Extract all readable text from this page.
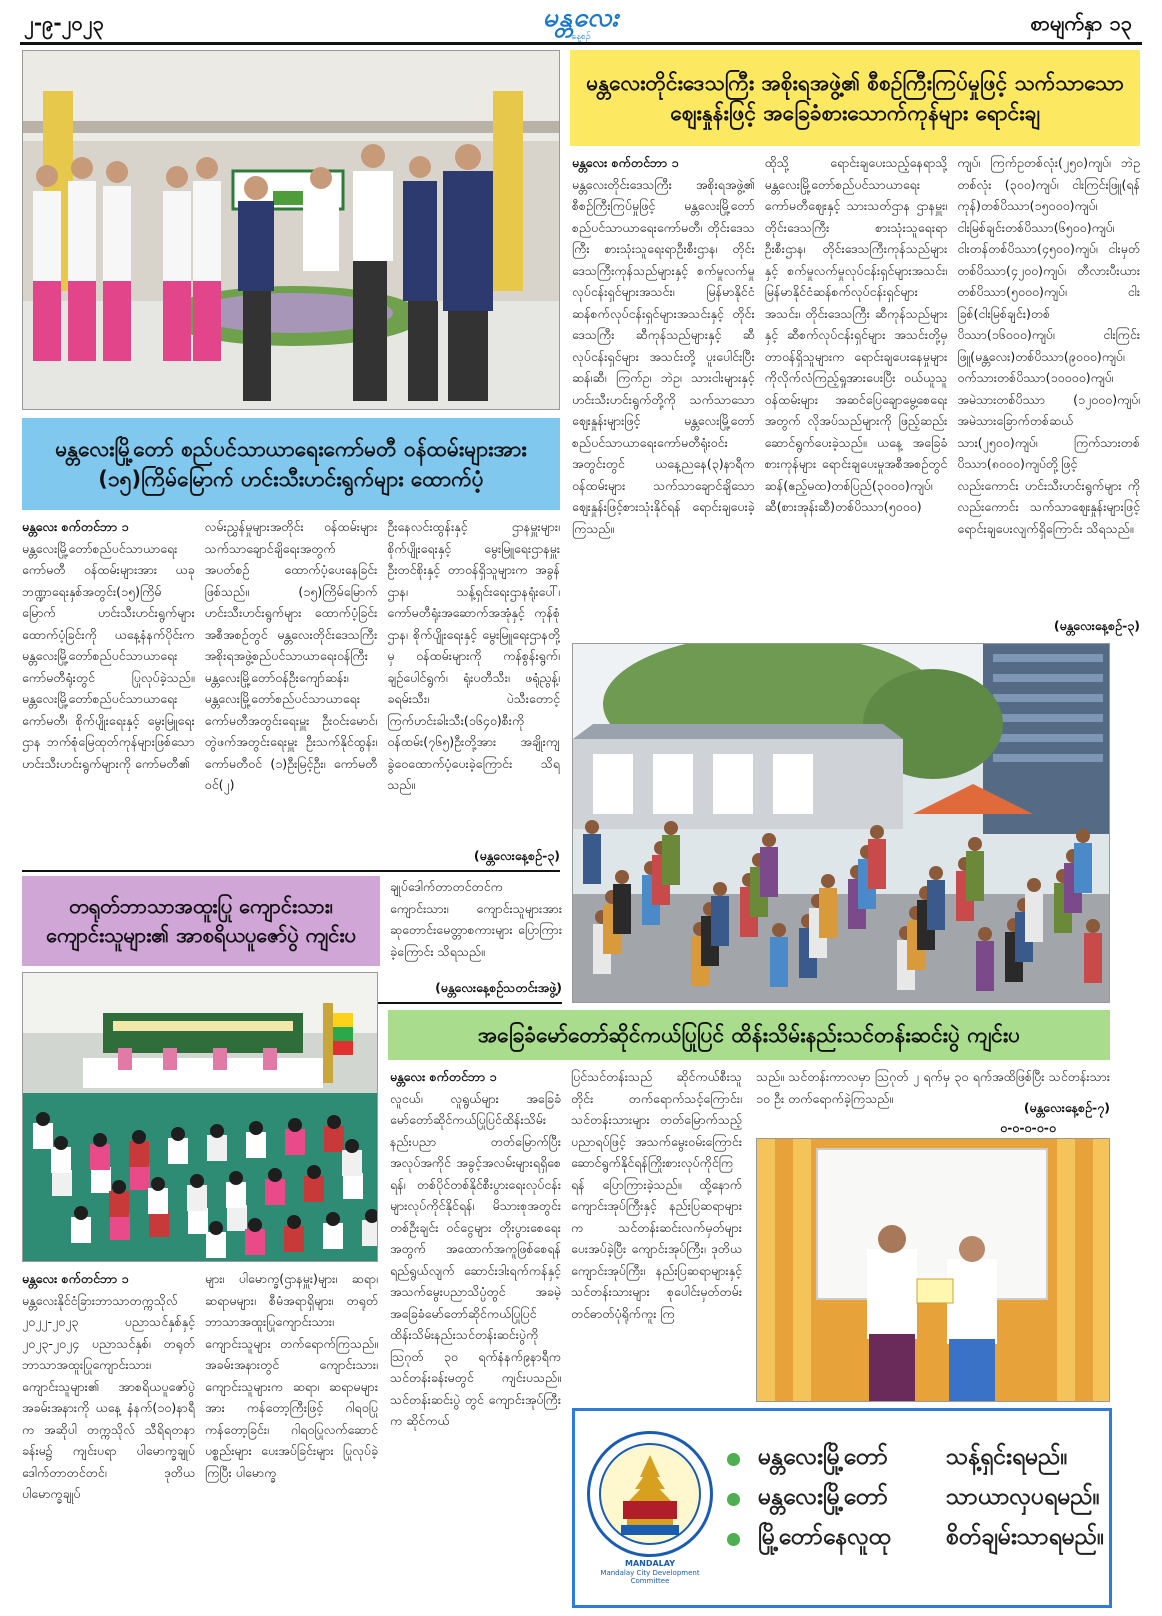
၂-၉-၂၀၂၃	မန္တလေး
နေ့စဉ်
စာမျက်နှာ ၁၃
မန္တလေးတိုင်းဒေသကြီး အစိုးရအဖွဲ့၏ စီစဉ်ကြီးကြပ်မှုဖြင့် သက်သာသော ဈေးနှုန်းဖြင့် အခြေခံစားသောက်ကုန်များ ရောင်းချ
မန္တလေး စက်တင်ဘာ ၁
မန္တလေးတိုင်းဒေသကြီး အစိုးရအဖွဲ့၏ စီစဉ်ကြီးကြပ်မှုဖြင့် မန္တလေးမြို့တော်စည်ပင်သာယာရေးကော်မတီ၊ တိုင်းဒေသကြီး စားသုံးသူရေးရာဦးစီးဌာန၊ တိုင်းဒေသကြီးကုန်သည်များနှင့် စက်မှုလက်မှုလုပ်ငန်းရှင်များအသင်း၊ မြန်မာနိုင်ငံဆန်စက်လုပ်ငန်းရှင်များအသင်းနှင့် တိုင်းဒေသကြီး ဆီကုန်သည်များနှင့် ဆီလုပ်ငန်းရှင်များ အသင်းတို့ ပူးပေါင်းပြီး ဆန်၊ဆီ၊ ကြက်ဥ၊ ဘဲဥ၊ သားငါးများနှင့် ဟင်းသီးဟင်းရွက်တို့ကို သက်သာသော ဈေးနှုန်းများဖြင့် မန္တလေးမြို့တော်စည်ပင်သာယာရေးကော်မတီရုံးဝင်းအတွင်းတွင် ယနေ့ညနေ(၃)နာရီက ဝန်ထမ်းများ သက်သာချောင်ချိသောဈေးနှုန်းဖြင့်စားသုံးနိုင်ရန် ရောင်းချပေးခဲ့ကြသည်။
ထိုသို့ ရောင်းချပေးသည့်နေရာသို့ မန္တလေးမြို့တော်စည်ပင်သာယာရေးကော်မတီဈေးနှင့် သားသတ်ဌာန ဌာနမှူး၊ တိုင်းဒေသကြီး စားသုံးသူရေးရာ ဦးစီးဌာန၊ တိုင်းဒေသကြီးကုန်သည်များနှင့် စက်မှုလက်မှုလုပ်ငန်းရှင်များအသင်း၊ မြန်မာနိုင်ငံဆန်စက်လုပ်ငန်းရှင်များအသင်း၊ တိုင်းဒေသကြီး ဆီကုန်သည်များနှင့် ဆီစက်လုပ်ငန်းရှင်များ အသင်းတို့မှ တာဝန်ရှိသူများက ရောင်းချပေးနေမှုများကိုလိုက်လံကြည့်ရှုအားပေးပြီး ဝယ်ယူသူ ဝန်ထမ်းများ အဆင်ပြေချောမွေ့စေရေးအတွက် လိုအပ်သည်များကို ဖြည့်ဆည်းဆောင်ရွက်ပေးခဲ့သည်။ ယနေ့ အခြေခံစားကုန်များ ရောင်းချပေးမှုအစီအစဉ်တွင် ဆန်(ဧည့်မထ)တစ်ပြည်(၃၀၀၀)ကျပ်၊ ဆီ(စားအုန်းဆီ)တစ်ပိဿာ(၅၀၀၀)
ကျပ်၊ ကြက်ဥတစ်လုံး(၂၅၀)ကျပ်၊ ဘဲဥ တစ်လုံး (၃၀၀)ကျပ်၊ ငါးကြင်းဖြူ(ရန်ကုန်)တစ်ပိဿာ(၁၅၀၀၀)ကျပ်၊ ငါးမြစ်ချင်းတစ်ပိဿာ(၆၅၀၀)ကျပ်၊ ငါးတန်တစ်ပိဿာ(၄၅၀၀)ကျပ်၊ ငါးမှတ်တစ်ပိဿာ(၄၂၀၀)ကျပ်၊ တီလားပီးယားတစ်ပိဿာ(၅၀၀၀)ကျပ်၊ ငါးခြစ်(ငါးမြစ်ချင်း)တစ်ပိဿာ(၁၆၀၀၀)ကျပ်၊ ငါးကြင်းဖြူ(မန္တလေး)တစ်ပိဿာ(၉၀၀၀)ကျပ်၊ ဝက်သားတစ်ပိဿာ(၁၀၀၀၀)ကျပ်၊ အမဲသားတစ်ပိဿာ (၁၂၀၀၀)ကျပ်၊ အမဲသားခြောက်တစ်ဆယ်သား(၂၅၀၀)ကျပ်၊ ကြက်သားတစ်ပိဿာ(၈၀၀၀)ကျပ်တို့ဖြင့် လည်းကောင်း ဟင်းသီးဟင်းရွက်များ ကိုလည်းကောင်း သက်သာဈေးနှုန်းများဖြင့် ရောင်းချပေးလျက်ရှိကြောင်း သိရသည်။
(မန္တလေးနေ့စဉ်-၃)
မန္တလေးမြို့တော် စည်ပင်သာယာရေးကော်မတီ ဝန်ထမ်းများအား (၁၅)ကြိမ်မြောက် ဟင်းသီးဟင်းရွက်များ ထောက်ပံ့
မန္တလေး စက်တင်ဘာ ၁
မန္တလေးမြို့တော်စည်ပင်သာယာရေးကော်မတီ ဝန်ထမ်းများအား ယခုဘဏ္ဍာရေးနှစ်အတွင်း(၁၅)ကြိမ်မြောက် ဟင်းသီးဟင်းရွက်များ ထောက်ပံ့ခြင်းကို ယနေ့နံနက်ပိုင်းက မန္တလေးမြို့တော်စည်ပင်သာယာရေးကော်မတီရုံးတွင် ပြုလုပ်ခဲ့သည်။ မန္တလေးမြို့တော်စည်ပင်သာယာရေးကော်မတီ၊ စိုက်ပျိုးရေးနှင့် မွေးမြူရေးဌာန ဘက်စုံမြေထုတ်ကုန်များဖြစ်သော ဟင်းသီးဟင်းရွက်များကို ကော်မတီ၏
လမ်းညွှန်မှုများအတိုင်း ဝန်ထမ်းများ သက်သာချောင်ချိရေးအတွက် အပတ်စဉ် ထောက်ပံ့ပေးနေခြင်းဖြစ်သည်။ (၁၅)ကြိမ်မြောက် ဟင်းသီးဟင်းရွက်များ ထောက်ပံ့ခြင်းအစီအစဉ်တွင် မန္တလေးတိုင်းဒေသကြီး အစိုးရအဖွဲ့စည်ပင်သာယာရေးဝန်ကြီး မန္တလေးမြို့တော်ဝန်ဦးကျော်ဆန်း၊ မန္တလေးမြို့တော်စည်ပင်သာယာရေးကော်မတီအတွင်းရေးမှူး ဦးဝင်းမောင်၊ တွဲဖက်အတွင်းရေးမှူး ဦးသက်နိုင်ထွန်း၊ ကော်မတီဝင် (၁)ဦးမြင့်ဦး၊ ကော်မတီဝင်(၂)
ဦးနေလင်းထွန်းနှင့် ဌာနမှူးများ၊ စိုက်ပျိုးရေးနှင့် မွေးမြူရေးဌာနမှူး ဦးတင်စိုးနှင့် တာဝန်ရှိသူများက အခွန်ဌာန၊ သန့်ရှင်းရေးဌာနရုံးပေါ်၊ ကော်မတီရုံးအဆောက်အအုံနှင့် ကုန်စုံဌာန၊ စိုက်ပျိုးရေးနှင့် မွေးမြူရေးဌာနတို့မှ ဝန်ထမ်းများကို ကန်စွန်းရွက်၊ ချဉ်ပေါင်ရွက်၊ ရုံးပတီသီး၊ ဖရုံညွန့်၊ ခရမ်းသီး၊ ပဲသီးတောင့်ကြက်ဟင်းခါးသီး(၁၆၄၀)စီးကို ဝန်ထမ်း(၇၆၅)ဦးတို့အား အချိုးကျခွဲဝေထောက်ပံ့ပေးခဲ့ကြောင်း သိရသည်။
(မန္တလေးနေ့စဉ်-၃)
တရုတ်ဘာသာအထူးပြု ကျောင်းသား၊ ကျောင်းသူများ၏ အာစရိယပူဇော်ပွဲ ကျင်းပ
ချုပ်ဒေါက်တာတင်တင်က ကျောင်းသား၊ ကျောင်းသူများအား ဆုတောင်းမေတ္တာစကားများ ပြောကြားခဲ့ကြောင်း သိရသည်။
(မန္တလေးနေ့စဉ်သတင်းအဖွဲ့)
မန္တလေး စက်တင်ဘာ ၁
မန္တလေးနိုင်ငံခြားဘာသာတက္ကသိုလ် ၂၀၂၂-၂၀၂၃ ပညာသင်နှစ်နှင့် ၂၀၂၃-၂၀၂၄ ပညာသင်နှစ်၊ တရုတ်ဘာသာအထူးပြုကျောင်းသား၊ ကျောင်းသူများ၏ အာစရိယပူဇော်ပွဲ အခမ်းအနားကို ယနေ့ နံနက်(၁၀)နာရီက အဆိုပါ တက္ကသိုလ် သီရိရတနာခန်းမ၌ ကျင်းပရာ ပါမောက္ခချုပ် ဒေါက်တာတင်တင်၊ ဒုတိယပါမောက္ခချုပ်
များ၊ ပါမောက္ခ(ဌာနမှူး)များ၊ ဆရာ၊ ဆရာမများ၊ စီမံအရာရှိများ၊ တရုတ်ဘာသာအထူးပြုကျောင်းသား၊ ကျောင်းသူများ တက်ရောက်ကြသည်။ အခမ်းအနားတွင် ကျောင်းသား၊ ကျောင်းသူများက ဆရာ၊ ဆရာမများအား ကန်တော့ကြီးဖြင့် ဂါရဝပြုကန်တော့ခြင်း၊ ဂါရဝပြုလက်ဆောင်ပစ္စည်းများ ပေးအပ်ခြင်းများ ပြုလုပ်ခဲ့ကြပြီး ပါမောက္ခ
အခြေခံမော်တော်ဆိုင်ကယ်ပြုပြင် ထိန်းသိမ်းနည်းသင်တန်းဆင်းပွဲ ကျင်းပ
မန္တလေး စက်တင်ဘာ ၁
လူငယ်၊ လူရွယ်များ အခြေခံမော်တော်ဆိုင်ကယ်ပြုပြင်ထိန်းသိမ်းနည်းပညာ တတ်မြောက်ပြီး အလုပ်အကိုင် အခွင့်အလမ်းများရရှိစေရန်၊ တစ်ပိုင်တစ်နိုင်စီးပွားရေးလုပ်ငန်းများလုပ်ကိုင်နိုင်ရန်၊ မိသားစုအတွင်း တစ်ဦးချင်း ဝင်ငွေများ တိုးပွားစေရေးအတွက် အထောက်အကူဖြစ်စေရန် ရည်ရွယ်လျက် ဆောင်းဒါးရက်ကန်နှင့် အသက်မွေးပညာသိပ္ပံတွင် အခမဲ့ အခြေခံမော်တော်ဆိုင်ကယ်ပြုပြင်ထိန်းသိမ်းနည်းသင်တန်းဆင်းပွဲကိုဩဂုတ် ၃၀ ရက်နံနက်၉နာရီက သင်တန်းခန်းမတွင် ကျင်းပသည်။ သင်တန်းဆင်းပွဲ တွင် ကျောင်းအုပ်ကြီးက ဆိုင်ကယ်
ပြင်သင်တန်းသည် ဆိုင်ကယ်စီးသူတိုင်း တက်ရောက်သင့်ကြောင်း၊ သင်တန်းသားများ တတ်မြောက်သည့် ပညာရပ်ဖြင့် အသက်မွေးဝမ်းကြောင်း ဆောင်ရွက်နိုင်ရန်ကြိုးစားလုပ်ကိုင်ကြရန် ပြောကြားခဲ့သည်။ ထို့နောက်ကျောင်းအုပ်ကြီးနှင့် နည်းပြဆရာများက သင်တန်းဆင်းလက်မှတ်များပေးအပ်ခဲ့ပြီး ကျောင်းအုပ်ကြီး၊ ဒုတိယကျောင်းအုပ်ကြီး၊ နည်းပြဆရာများနှင့် သင်တန်းသားများ စုပေါင်းမှတ်တမ်းတင်ဓာတ်ပုံရိုက်ကူး ကြ
သည်။ သင်တန်းကာလမှာ ဩဂုတ် ၂ ရက်မှ ၃၀ ရက်အထိဖြစ်ပြီး သင်တန်းသား ၁၀ ဦး တက်ရောက်ခဲ့ကြသည်။
(မန္တလေးနေ့စဉ်-၇)
၀-၀-၀-၀-၀
MANDALAY
Mandalay City Development Committee
မန္တလေးမြို့တော်	သန့်ရှင်းရမည်။
မန္တလေးမြို့တော်	သာယာလှပရမည်။
မြို့တော်နေလူထု	စိတ်ချမ်းသာရမည်။
